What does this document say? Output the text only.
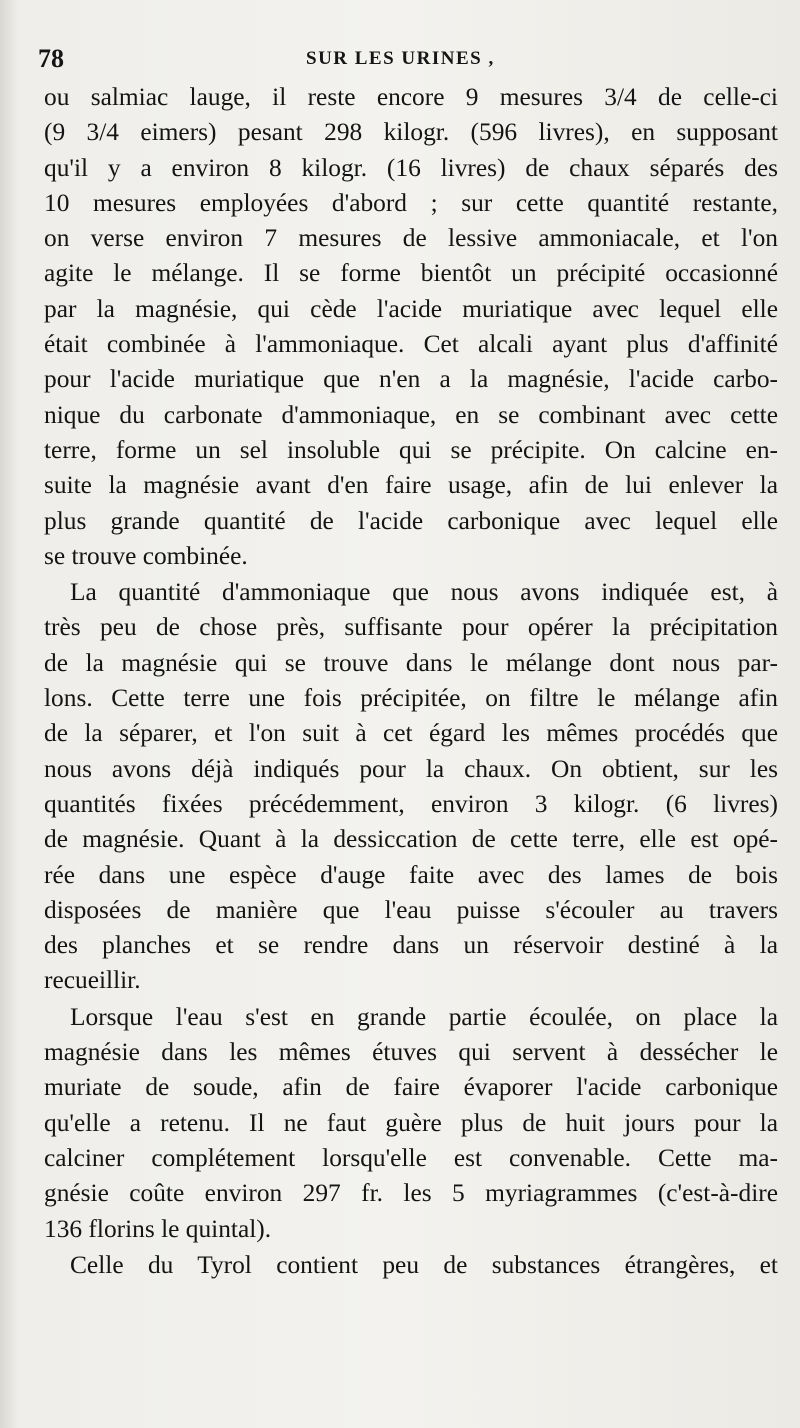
78	SUR LES URINES ,
ou salmiac lauge, il reste encore 9 mesures 3/4 de celle-ci
(9 3/4 eimers) pesant 298 kilogr. (596 livres), en supposant
qu'il y a environ 8 kilogr. (16 livres) de chaux séparés des
10 mesures employées d'abord ; sur cette quantité restante,
on verse environ 7 mesures de lessive ammoniacale, et l'on
agite le mélange. Il se forme bientôt un précipité occasionné
par la magnésie, qui cède l'acide muriatique avec lequel elle
était combinée à l'ammoniaque. Cet alcali ayant plus d'affinité
pour l'acide muriatique que n'en a la magnésie, l'acide carbo-
nique du carbonate d'ammoniaque, en se combinant avec cette
terre, forme un sel insoluble qui se précipite. On calcine en-
suite la magnésie avant d'en faire usage, afin de lui enlever la
plus grande quantité de l'acide carbonique avec lequel elle
se trouve combinée.
La quantité d'ammoniaque que nous avons indiquée est, à
très peu de chose près, suffisante pour opérer la précipitation
de la magnésie qui se trouve dans le mélange dont nous par-
lons. Cette terre une fois précipitée, on filtre le mélange afin
de la séparer, et l'on suit à cet égard les mêmes procédés que
nous avons déjà indiqués pour la chaux. On obtient, sur les
quantités fixées précédemment, environ 3 kilogr. (6 livres)
de magnésie. Quant à la dessiccation de cette terre, elle est opé-
rée dans une espèce d'auge faite avec des lames de bois
disposées de manière que l'eau puisse s'écouler au travers
des planches et se rendre dans un réservoir destiné à la
recueillir.
Lorsque l'eau s'est en grande partie écoulée, on place la
magnésie dans les mêmes étuves qui servent à dessécher le
muriate de soude, afin de faire évaporer l'acide carbonique
qu'elle a retenu. Il ne faut guère plus de huit jours pour la
calciner complétement lorsqu'elle est convenable. Cette ma-
gnésie coûte environ 297 fr. les 5 myriagrammes (c'est-à-dire
136 florins le quintal).
Celle du Tyrol contient peu de substances étrangères, et
